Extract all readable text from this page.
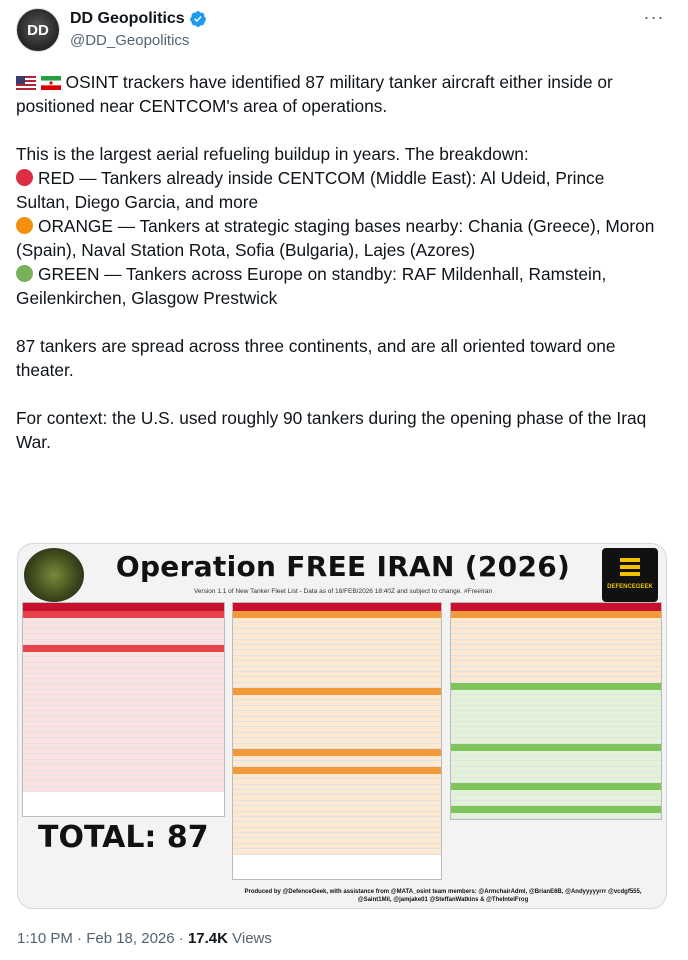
DD
DD Geopolitics
@DD_Geopolitics
···

OSINT trackers have identified 87 military tanker aircraft either inside or positioned near CENTCOM's area of operations.

This is the largest aerial refueling buildup in years. The breakdown:

RED — Tankers already inside CENTCOM (Middle East): Al Udeid, Prince Sultan, Diego Garcia, and more

ORANGE — Tankers at strategic staging bases nearby: Chania (Greece), Moron (Spain), Naval Station Rota, Sofia (Bulgaria), Lajes (Azores)

GREEN — Tankers across Europe on standby: RAF Mildenhall, Ramstein, Geilenkirchen, Glasgow Prestwick

87 tankers are spread across three continents, and are all oriented toward one theater.

For context: the U.S. used roughly 90 tankers during the opening phase of the Iraq War.

Operation FREE IRAN (2026)
Version 1.1 of New Tanker Fleet List - Data as of 18/FEB/2026 18:40Z and subject to change. #FreeIran
DEFENCEGEEK
TOTAL: 87
Produced by @DefenceGeek, with assistance from @MATA_osint team members: @ArmchairAdml, @BrianE6B, @Andyyyyyrrr @vcdgf555, @Saint1Mil, @jamjake01 @SteffanWatkins & @TheIntelFrog
1:10 PM · Feb 18, 2026 · 17.4K Views
